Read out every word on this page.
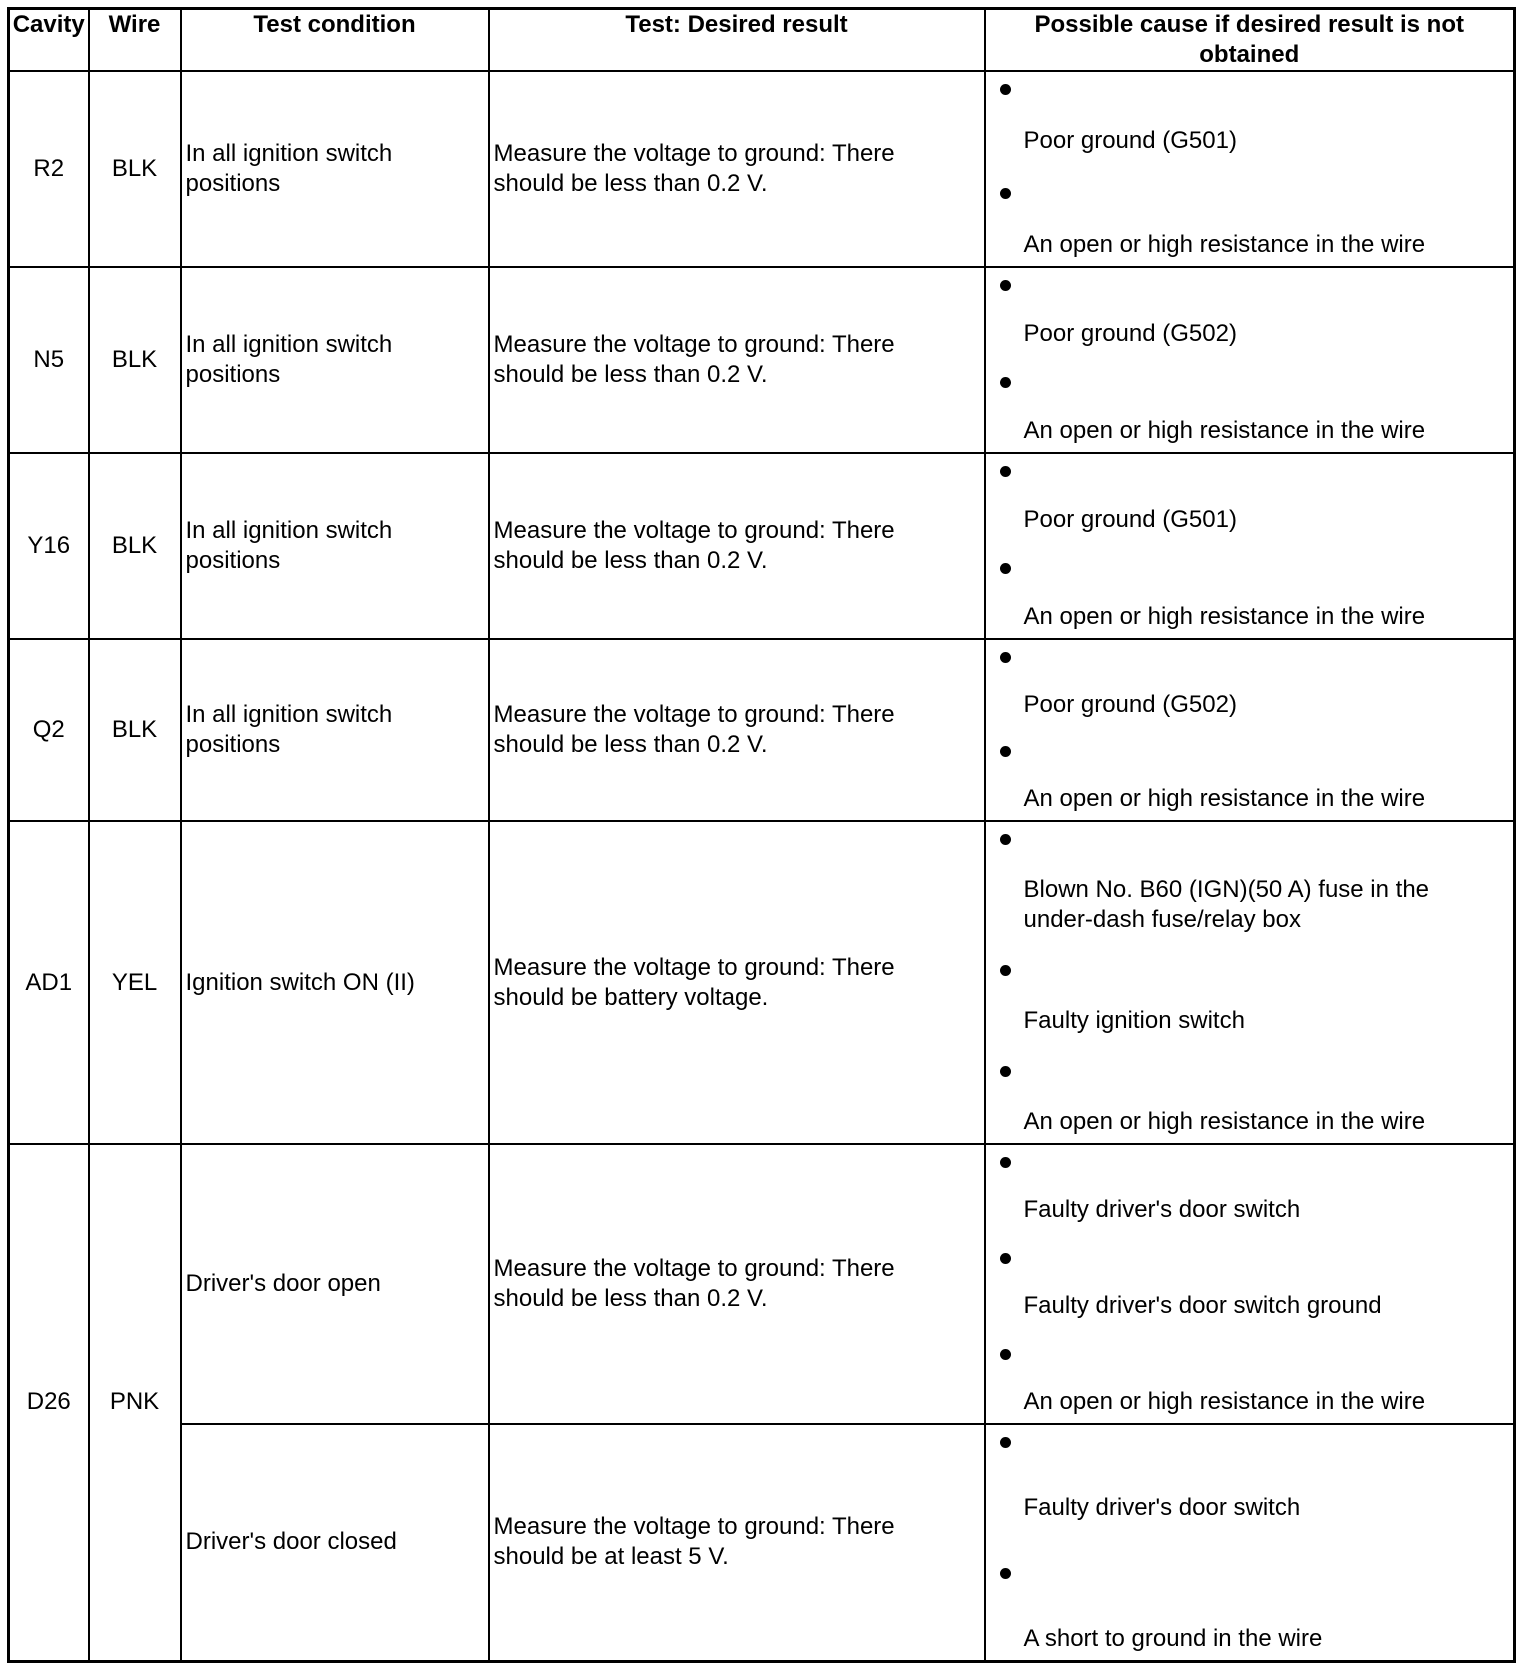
Cavity	Wire	Test condition	Test: Desired result	Possible cause if desired result is not obtained
R2	BLK	In all ignition switch positions	Measure the voltage to ground: There should be less than 0.2 V.	Poor ground (G501)
An open or high resistance in the wire

N5	BLK	In all ignition switch positions	Measure the voltage to ground: There should be less than 0.2 V.	Poor ground (G502)
An open or high resistance in the wire

Y16	BLK	In all ignition switch positions	Measure the voltage to ground: There should be less than 0.2 V.	Poor ground (G501)
An open or high resistance in the wire

Q2	BLK	In all ignition switch positions	Measure the voltage to ground: There should be less than 0.2 V.	Poor ground (G502)
An open or high resistance in the wire

AD1	YEL	Ignition switch ON (II)	Measure the voltage to ground: There should be battery voltage.	Blown No. B60 (IGN)(50 A) fuse in the under-dash fuse/relay box
Faulty ignition switch
An open or high resistance in the wire

D26	PNK	Driver's door open	Measure the voltage to ground: There should be less than 0.2 V.	Faulty driver's door switch
Faulty driver's door switch ground
An open or high resistance in the wire

		Driver's door closed	Measure the voltage to ground: There should be at least 5 V.	Faulty driver's door switch
A short to ground in the wire
